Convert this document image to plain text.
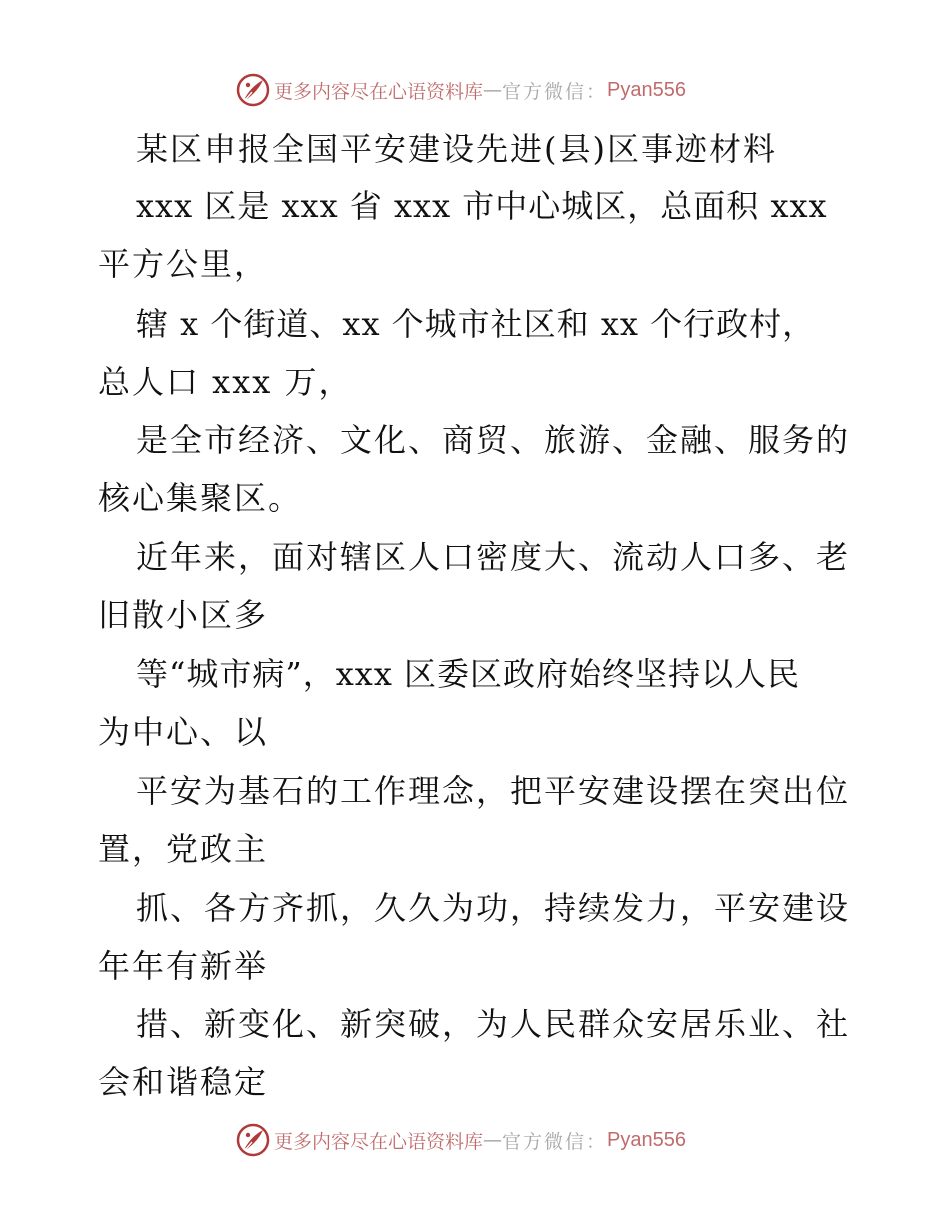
更多内容尽在心语资料库 — 官方微信： Pyan556
某区申报全国平安建设先进(县)区事迹材料
xxx 区是 xxx 省 xxx 市中心城区，总面积 xxx
平方公里，
辖 x 个街道、xx 个城市社区和 xx 个行政村，
总人口 xxx 万，
是全市经济、文化、商贸、旅游、金融、服务的
核心集聚区。
近年来，面对辖区人口密度大、流动人口多、老
旧散小区多
等“城市病”，xxx 区委区政府始终坚持以人民
为中心、以
平安为基石的工作理念，把平安建设摆在突出位
置，党政主
抓、各方齐抓，久久为功，持续发力，平安建设
年年有新举
措、新变化、新突破，为人民群众安居乐业、社
会和谐稳定
更多内容尽在心语资料库 — 官方微信： Pyan556
